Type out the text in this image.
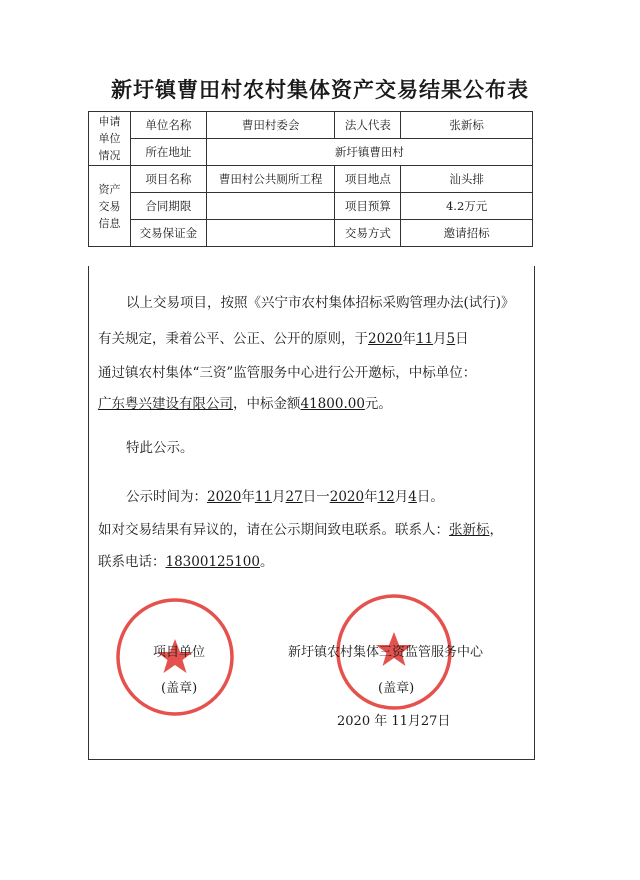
新圩镇曹田村农村集体资产交易结果公布表
申请
单位
情况	单位名称	曹田村委会	法人代表	张新标
	所在地址	新圩镇曹田村		

资产
交易
信息	项目名称	曹田村公共厕所工程	项目地点	汕头排
	合同期限		项目预算	4.2万元
	交易保证金		交易方式	邀请招标
以上交易项目，按照《兴宁市农村集体招标采购管理办法(试行)》
有关规定，秉着公平、公正、公开的原则，于2020年11月5日
通过镇农村集体“三资”监管服务中心进行公开邀标，中标单位：
广东粤兴建设有限公司，中标金额41800.00元。
特此公示。
公示时间为：2020年11月27日一2020年12月4日。
如对交易结果有异议的，请在公示期间致电联系。联系人：张新标，
联系电话：18300125100。
项目单位
(盖章)
新圩镇农村集体三资监管服务中心
(盖章)
2020 年 11月27日
